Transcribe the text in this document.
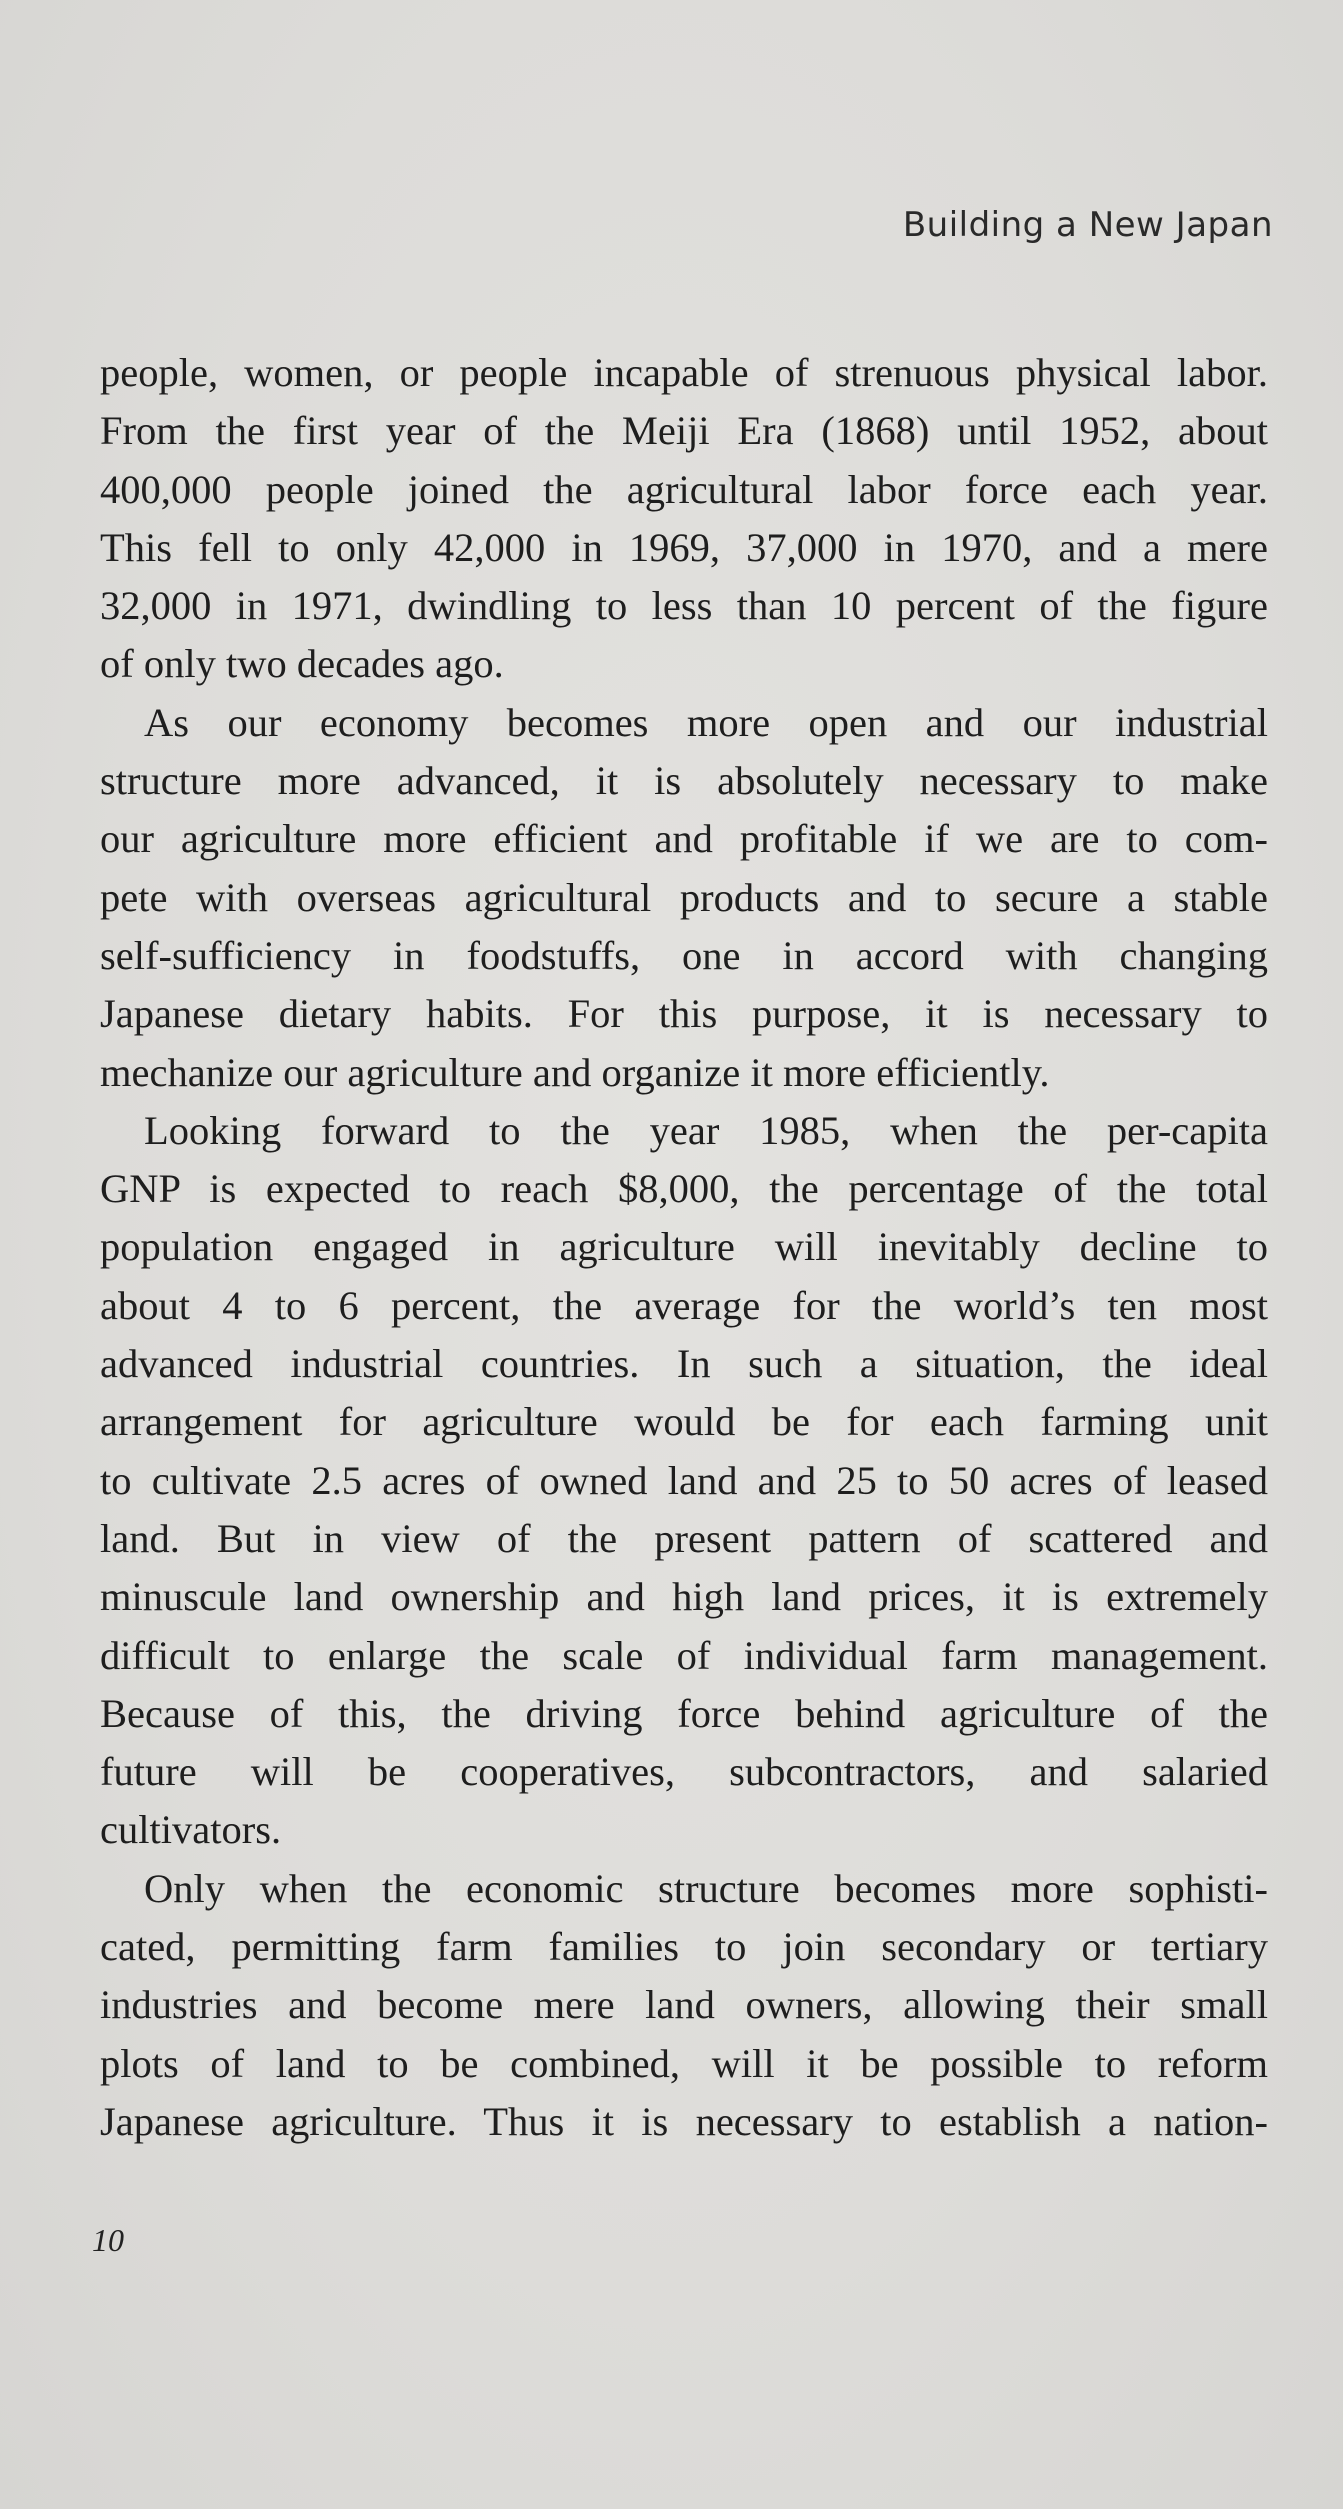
Building a New Japan
people, women, or people incapable of strenuous physical labor.
From the first year of the Meiji Era (1868) until 1952, about
400,000 people joined the agricultural labor force each year.
This fell to only 42,000 in 1969, 37,000 in 1970, and a mere
32,000 in 1971, dwindling to less than 10 percent of the figure
of only two decades ago.
As our economy becomes more open and our industrial
structure more advanced, it is absolutely necessary to make
our agriculture more efficient and profitable if we are to com-
pete with overseas agricultural products and to secure a stable
self-sufficiency in foodstuffs, one in accord with changing
Japanese dietary habits. For this purpose, it is necessary to
mechanize our agriculture and organize it more efficiently.
Looking forward to the year 1985, when the per-capita
GNP is expected to reach $8,000, the percentage of the total
population engaged in agriculture will inevitably decline to
about 4 to 6 percent, the average for the world’s ten most
advanced industrial countries. In such a situation, the ideal
arrangement for agriculture would be for each farming unit
to cultivate 2.5 acres of owned land and 25 to 50 acres of leased
land. But in view of the present pattern of scattered and
minuscule land ownership and high land prices, it is extremely
difficult to enlarge the scale of individual farm management.
Because of this, the driving force behind agriculture of the
future will be cooperatives, subcontractors, and salaried
cultivators.
Only when the economic structure becomes more sophisti-
cated, permitting farm families to join secondary or tertiary
industries and become mere land owners, allowing their small
plots of land to be combined, will it be possible to reform
Japanese agriculture. Thus it is necessary to establish a nation-
10
